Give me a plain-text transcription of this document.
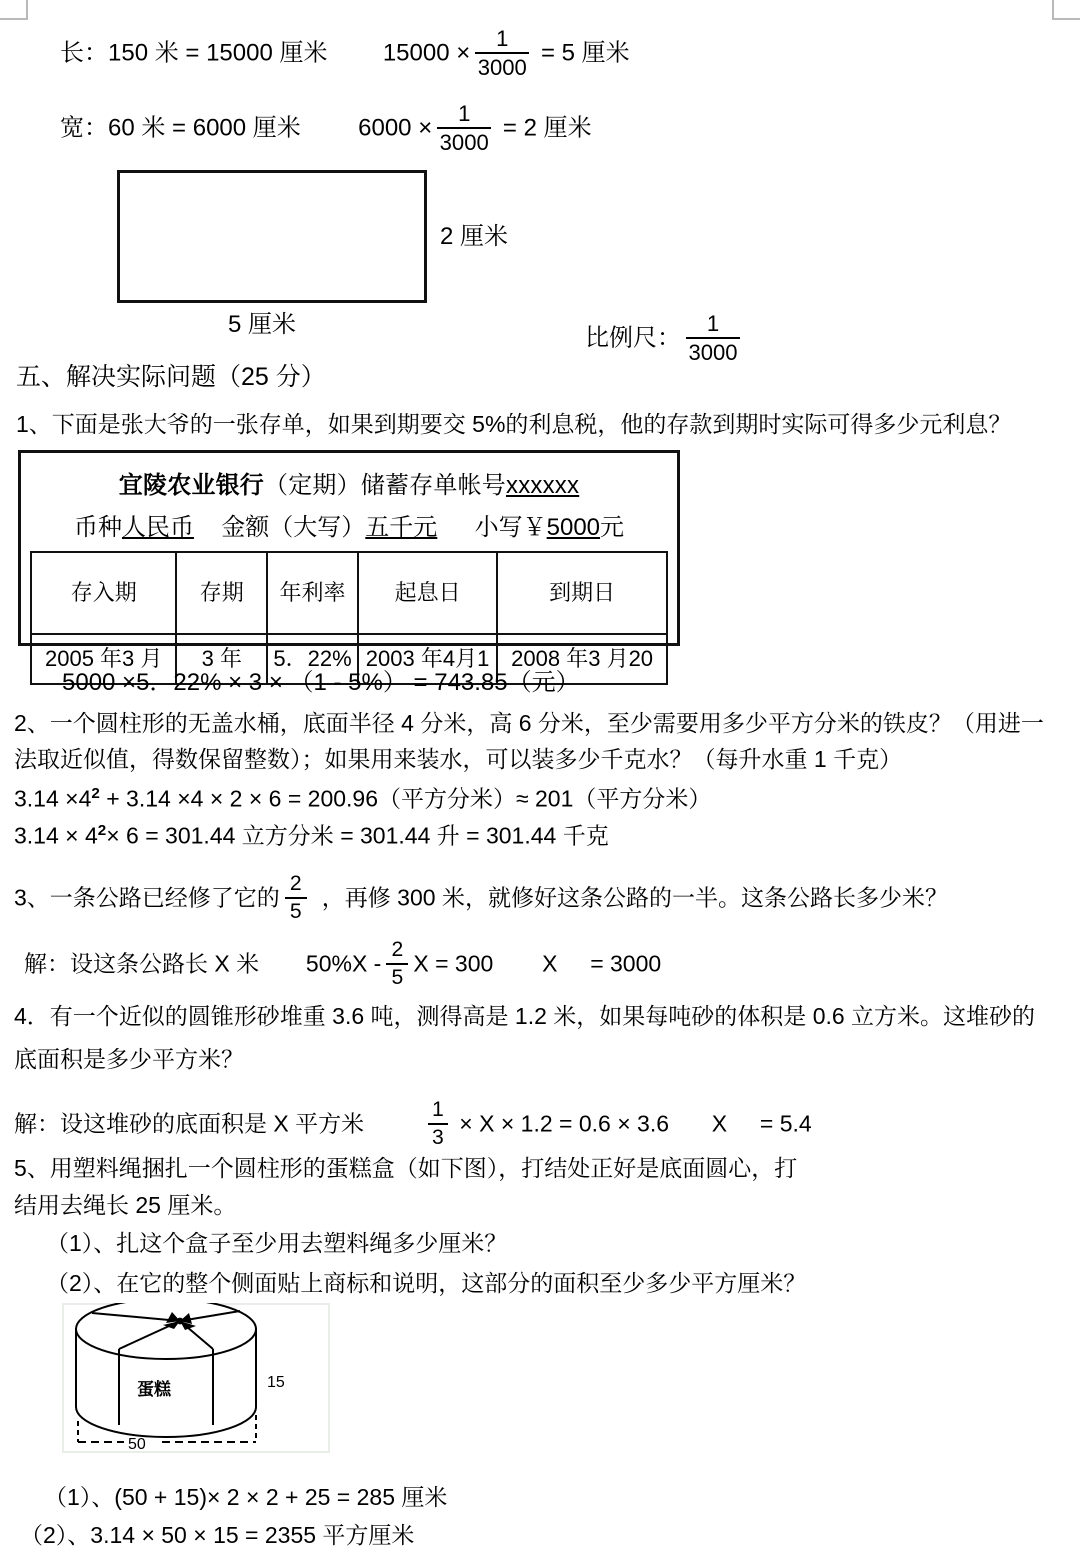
长：150 米 = 15000 厘米 $15000 \times \frac{1}{3000} = 5$ 厘米
宽：60 米 = 6000 厘米 $6000 \times \frac{1}{3000} = 2$ 厘米
2 厘米
5 厘米
比例尺： $\frac{1}{3000}$
五、解决实际问题（25 分）
1、下面是张大爷的一张存单，如果到期要交 5%的利息税，他的存款到期时实际可得多少元利息？
宜陵农业银行（定期）储蓄存单帐号xxxxxx
币种人民币 金额（大写）五千元 小写￥5000元
存入期	存期	年利率	起息日	到期日
2005 年3 月	3 年	5．22%	2003 年4月1	2008 年3 月20
5000 ×5．22% × 3 × （1 - 5%） = 743.85（元）
2、一个圆柱形的无盖水桶，底面半径 4 分米，高 6 分米，至少需要用多少平方分米的铁皮？（用进一
法取近似值，得数保留整数）；如果用来装水，可以装多少千克水？（每升水重 1 千克）
$3.14 \times 4^2 + 3.14 \times 4 \times 2 \times 6 = 200.96$（平方分米）≈ 201（平方分米）
$3.14 \times 4^2\times 6 = 301.44$ 立方分米 = 301.44 升 = 301.44 千克
3、一条公路已经修了它的 $\frac{2}{5}$ ，再修 300 米，就修好这条公路的一半。这条公路长多少米？
解：设这条公路长 X 米 $50\%X - \frac{2}{5}$ X = 300 X = 3000
4．有一个近似的圆锥形砂堆重 3.6 吨，测得高是 1.2 米，如果每吨砂的体积是 0.6 立方米。这堆砂的
底面积是多少平方米？
解：设这堆砂的底面积是 X 平方米	$\frac{1}{3} \times X \times 1.2 = 0.6 \times 3.6$ X = 5.4
5、用塑料绳捆扎一个圆柱形的蛋糕盒（如下图），打结处正好是底面圆心，打
结用去绳长 25 厘米。
（1）、扎这个盒子至少用去塑料绳多少厘米？
（2）、在它的整个侧面贴上商标和说明，这部分的面积至少多少平方厘米？
蛋糕	15
50
（1）、(50 + 15)× 2 × 2 + 25 = 285 厘米
（2）、3.14 × 50 × 15 = 2355 平方厘米
